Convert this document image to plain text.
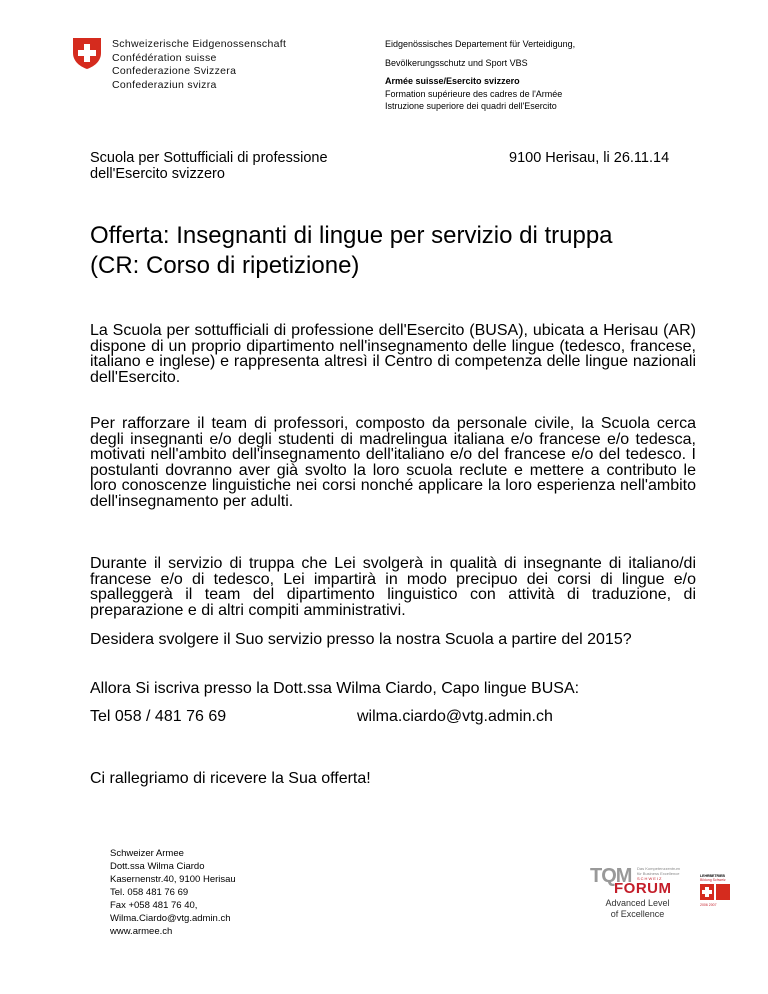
Schweizerische Eidgenossenschaft
Confédération suisse
Confederazione Svizzera
Confederaziun svizra
Eidgenössisches Departement für Verteidigung,
Bevölkerungsschutz und Sport VBS
Armée suisse/Esercito svizzero
Formation supérieure des cadres de l'Armée
Istruzione superiore dei quadri dell'Esercito
Scuola per Sottufficiali di professione
dell'Esercito svizzero
9100 Herisau, li 26.11.14
Offerta: Insegnanti di lingue per servizio di truppa
(CR: Corso di ripetizione)
La Scuola per sottufficiali di professione dell'Esercito (BUSA), ubicata a Herisau (AR) dispone di un proprio dipartimento nell'insegnamento delle lingue (tedesco, francese, italiano e inglese) e rappresenta altresì il Centro di competenza delle lingue nazionali dell'Esercito.
Per rafforzare il team di professori, composto da personale civile, la Scuola cerca degli insegnanti e/o degli studenti di madrelingua italiana e/o francese e/o tedesca, motivati nell'ambito dell'insegnamento dell'italiano e/o del francese e/o del tedesco. I postulanti dovranno aver già svolto la loro scuola reclute e mettere a contributo le loro conoscenze linguistiche nei corsi nonché applicare la loro esperienza nell'ambito dell'insegnamento per adulti.
Durante il servizio di truppa che Lei svolgerà in qualità di insegnante di italiano/di francese e/o di tedesco, Lei impartirà in modo precipuo dei corsi di lingue e/o spalleggerà il team del dipartimento linguistico con attività di traduzione, di preparazione e di altri compiti amministrativi.
Desidera svolgere il Suo servizio presso la nostra Scuola a partire del 2015?
Allora Si iscriva presso la Dott.ssa Wilma Ciardo, Capo lingue BUSA:
Tel 058 / 481 76 69	wilma.ciardo@vtg.admin.ch
Ci rallegriamo di ricevere la Sua offerta!
Schweizer Armee
Dott.ssa Wilma Ciardo
Kasernenstr.40, 9100 Herisau
Tel. 058 481 76 69
Fax +058 481 76 40,
Wilma.Ciardo@vtg.admin.ch
www.armee.ch
TQM Das Kompetenzzentrum
für Business Excellence
SCHWEIZ
FORUM
Advanced Level
of Excellence
LEHRBETRIEB
Bildung Schweiz
2006 2007
